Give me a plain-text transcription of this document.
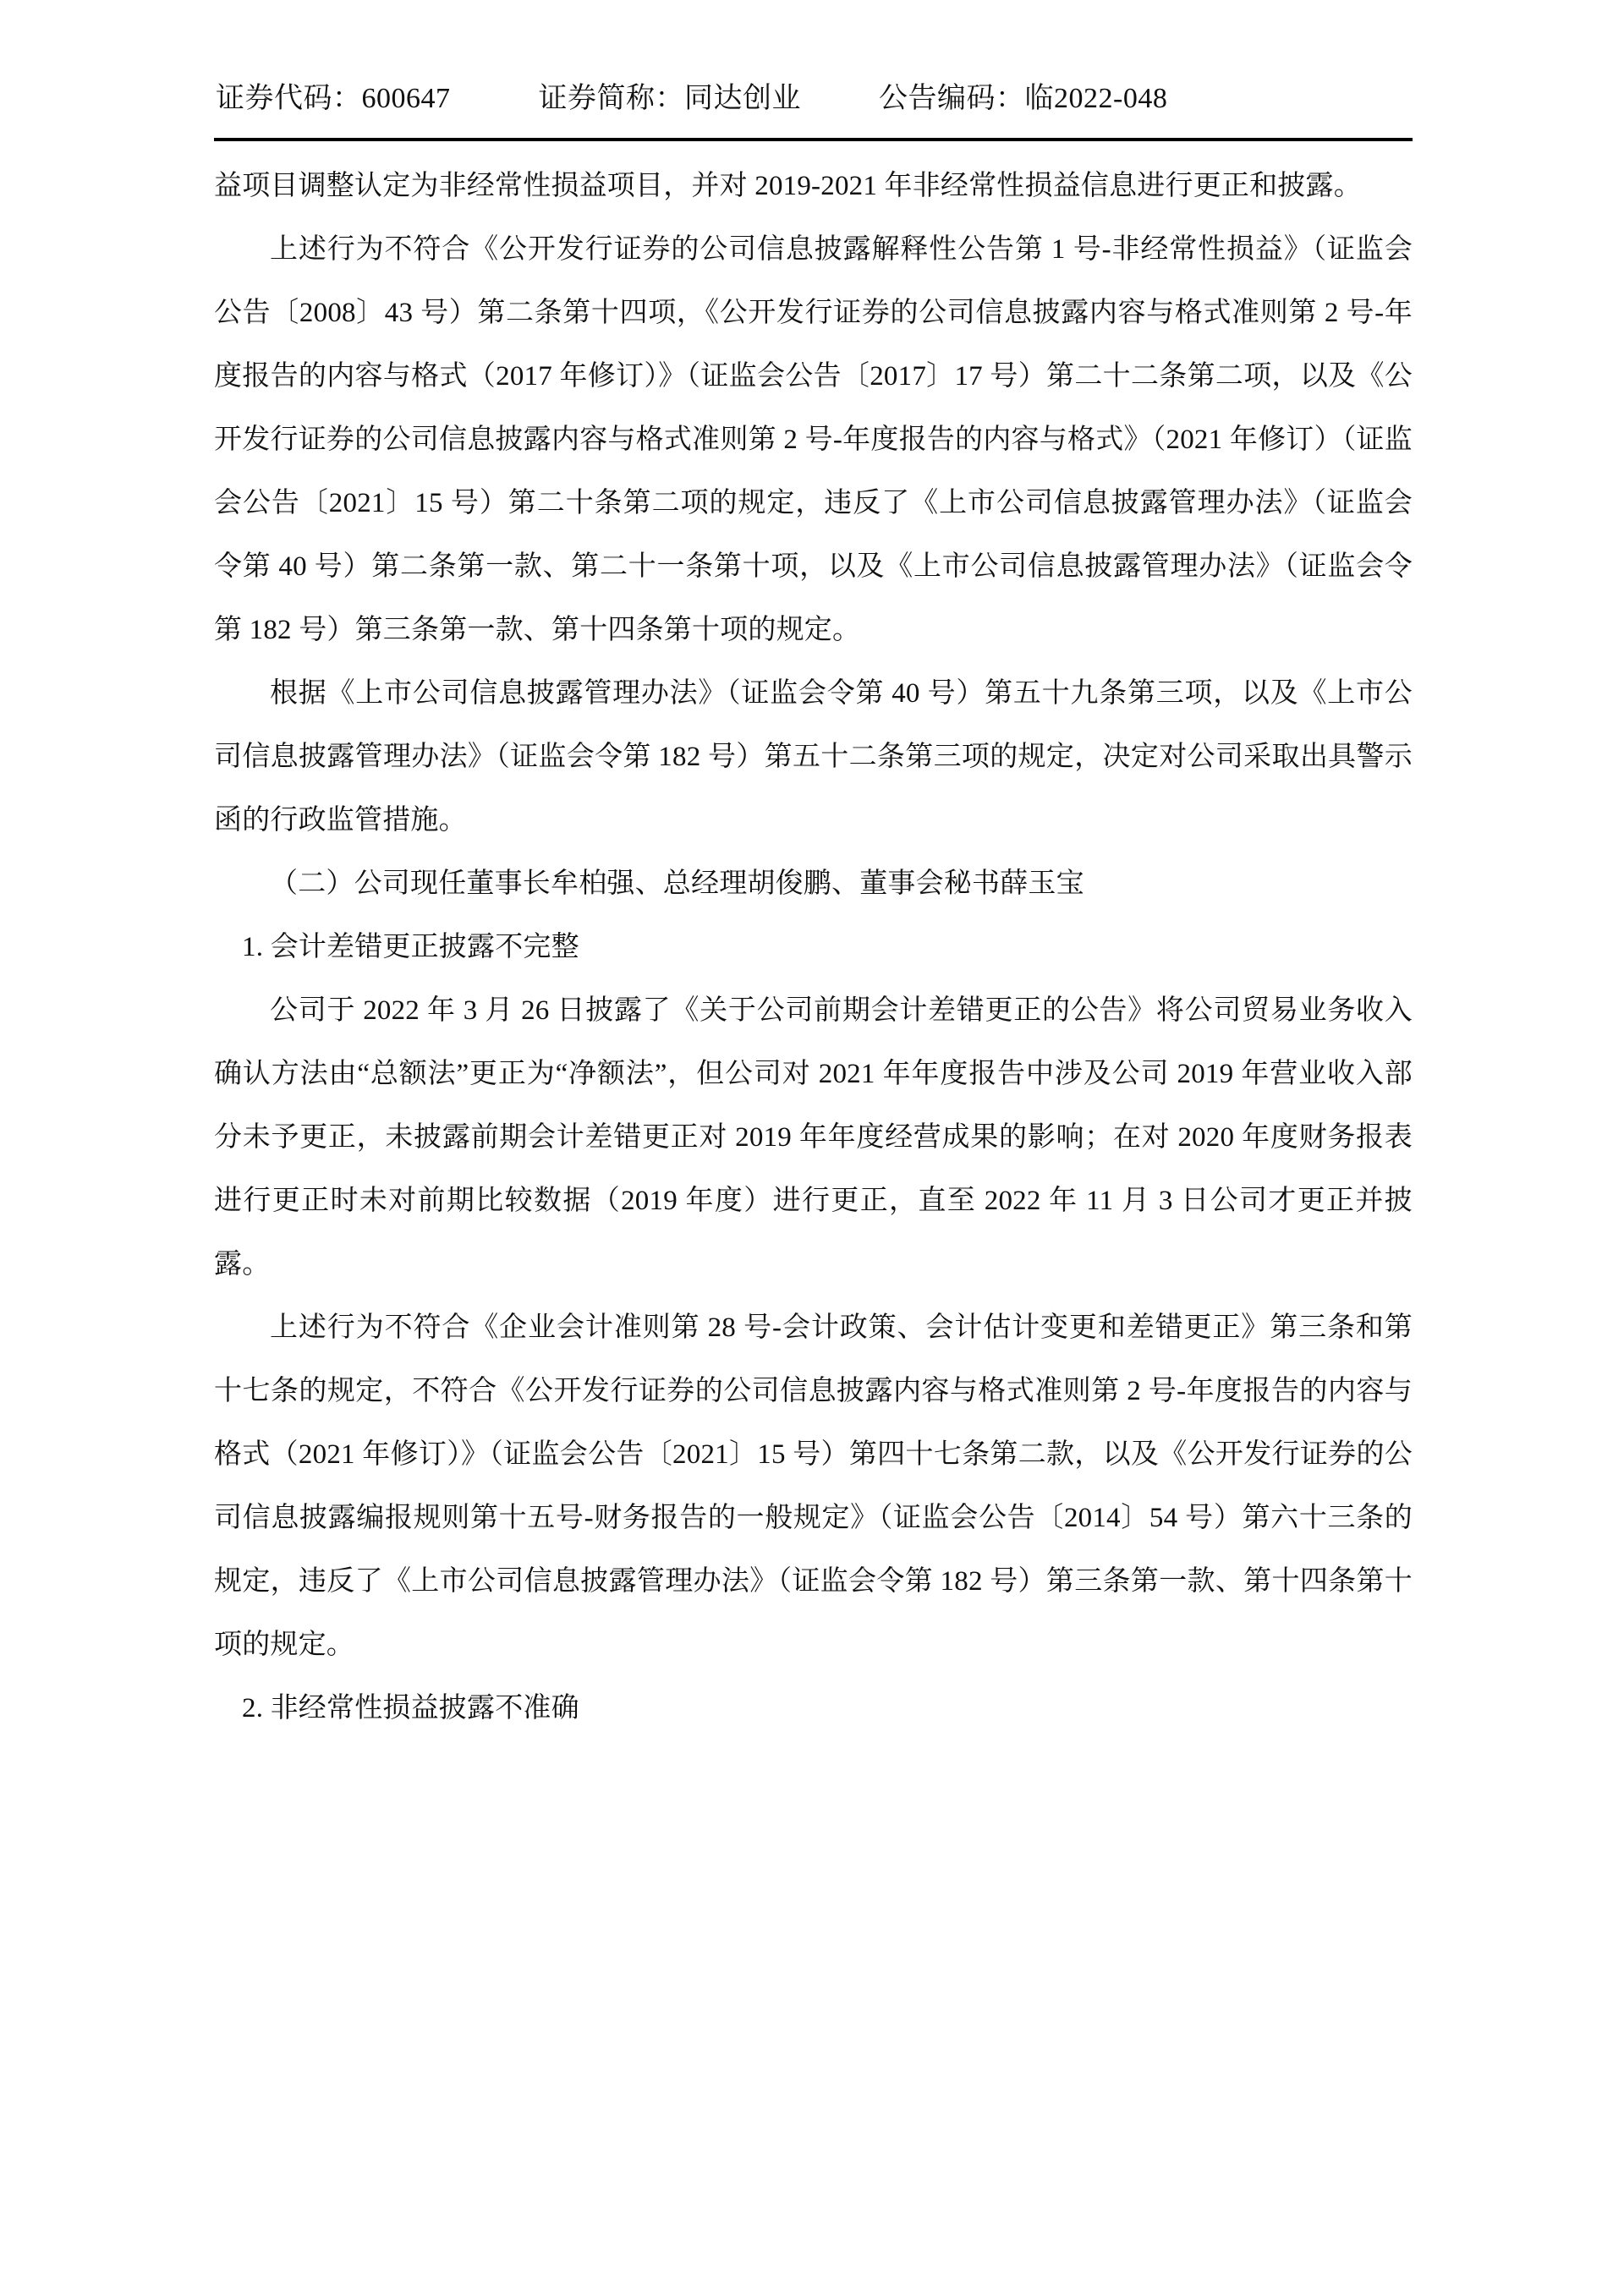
证券代码：600647	证券简称：同达创业	公告编码：临2022-048

益项目调整认定为非经常性损益项目，并对 2019-2021 年非经常性损益信息进行更正和披露。

上述行为不符合《公开发行证券的公司信息披露解释性公告第 1 号-非经常性损益》（证监会公告〔2008〕43 号）第二条第十四项，《公开发行证券的公司信息披露内容与格式准则第 2 号-年度报告的内容与格式（2017 年修订）》（证监会公告〔2017〕17 号）第二十二条第二项，以及《公开发行证券的公司信息披露内容与格式准则第 2 号-年度报告的内容与格式》（2021 年修订）（证监会公告〔2021〕15 号）第二十条第二项的规定，违反了《上市公司信息披露管理办法》（证监会令第 40 号）第二条第一款、第二十一条第十项，以及《上市公司信息披露管理办法》（证监会令第 182 号）第三条第一款、第十四条第十项的规定。

根据《上市公司信息披露管理办法》（证监会令第 40 号）第五十九条第三项，以及《上市公司信息披露管理办法》（证监会令第 182 号）第五十二条第三项的规定，决定对公司采取出具警示函的行政监管措施。

（二）公司现任董事长牟柏强、总经理胡俊鹏、董事会秘书薛玉宝

1. 会计差错更正披露不完整

公司于 2022 年 3 月 26 日披露了《关于公司前期会计差错更正的公告》将公司贸易业务收入确认方法由“总额法”更正为“净额法”，但公司对 2021 年年度报告中涉及公司 2019 年营业收入部分未予更正，未披露前期会计差错更正对 2019 年年度经营成果的影响；在对 2020 年度财务报表进行更正时未对前期比较数据（2019 年度）进行更正，直至 2022 年 11 月 3 日公司才更正并披露。

上述行为不符合《企业会计准则第 28 号-会计政策、会计估计变更和差错更正》第三条和第十七条的规定，不符合《公开发行证券的公司信息披露内容与格式准则第 2 号-年度报告的内容与格式（2021 年修订）》（证监会公告〔2021〕15 号）第四十七条第二款，以及《公开发行证券的公司信息披露编报规则第十五号-财务报告的一般规定》（证监会公告〔2014〕54 号）第六十三条的规定，违反了《上市公司信息披露管理办法》（证监会令第 182 号）第三条第一款、第十四条第十项的规定。

2. 非经常性损益披露不准确
